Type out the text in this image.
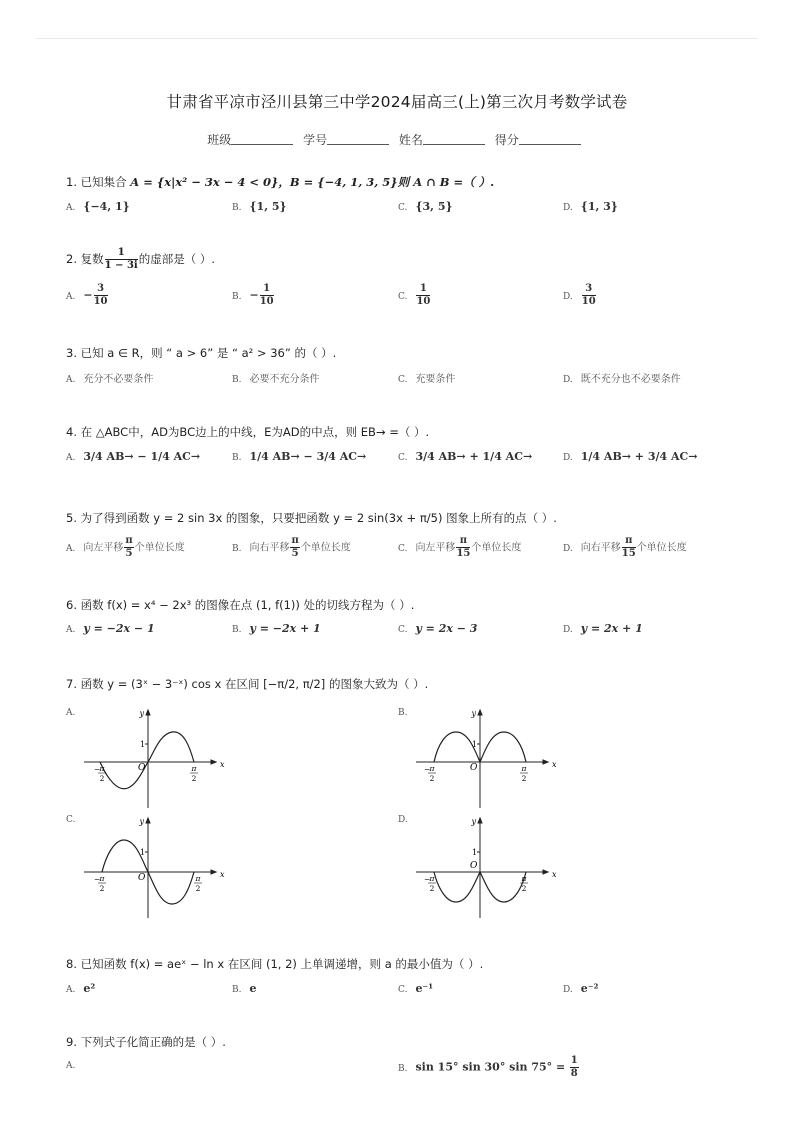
甘肃省平凉市泾川县第三中学2024届高三(上)第三次月考数学试卷
班级	学号	姓名	得分
1. 已知集合 A = {x|x² − 3x − 4 < 0}，B = {−4, 1, 3, 5}则 A ∩ B =（ ）.
A. {−4, 1}	B. {1, 5}	C. {3, 5}	D. {1, 3}
2. 复数 $\frac{1}{1 - 3i}$ 的虚部是（ ）.
A. − $\frac{3}{10}$	B. − $\frac{1}{10}$	C. $\frac{1}{10}$	D. $\frac{3}{10}$
3. 已知 a ∈ R，则 “ a > 6” 是 “ a² > 36” 的（ ）.
A. 充分不必要条件	B. 必要不充分条件	C. 充要条件	D. 既不充分也不必要条件
4. 在 △ABC中，AD为BC边上的中线，E为AD的中点，则 EB→ =（ ）.
A. 3/4 AB→ − 1/4 AC→	B. 1/4 AB→ − 3/4 AC→	C. 3/4 AB→ + 1/4 AC→	D. 1/4 AB→ + 3/4 AC→
5. 为了得到函数 y = 2 sin 3x 的图象，只要把函数 y = 2 sin(3x + π/5) 图象上所有的点（ ）.
A. 向左平移 $\frac{\pi}{5}$ 个单位长度	B. 向右平移 $\frac{\pi}{5}$ 个单位长度	C. 向左平移 $\frac{\pi}{15}$ 个单位长度	D. 向右平移 $\frac{\pi}{15}$ 个单位长度
6. 函数 f(x) = x⁴ − 2x³ 的图像在点 (1, f(1)) 处的切线方程为（ ）.
A. y = −2x − 1	B. y = −2x + 1	C. y = 2x − 3	D. y = 2x + 1
7. 函数 y = (3ˣ − 3⁻ˣ) cos x 在区间 [−π/2, π/2] 的图象大致为（ ）.
A.	B.
C.	D.
y
x
1
O
− π
2
π
2
y
x
1
O
− π
2
π
2
y
x
1
O
− π
2
π
2
y
x
1
O
− π
2
π
2
8. 已知函数 f(x) = aeˣ − ln x 在区间 (1, 2) 上单调递增，则 a 的最小值为（ ）.
A. e²	B. e	C. e⁻¹	D. e⁻²
9. 下列式子化简正确的是（ ）.
A.	B. sin 15° sin 30° $\sin 75^\circ = \frac{1}{8}$
